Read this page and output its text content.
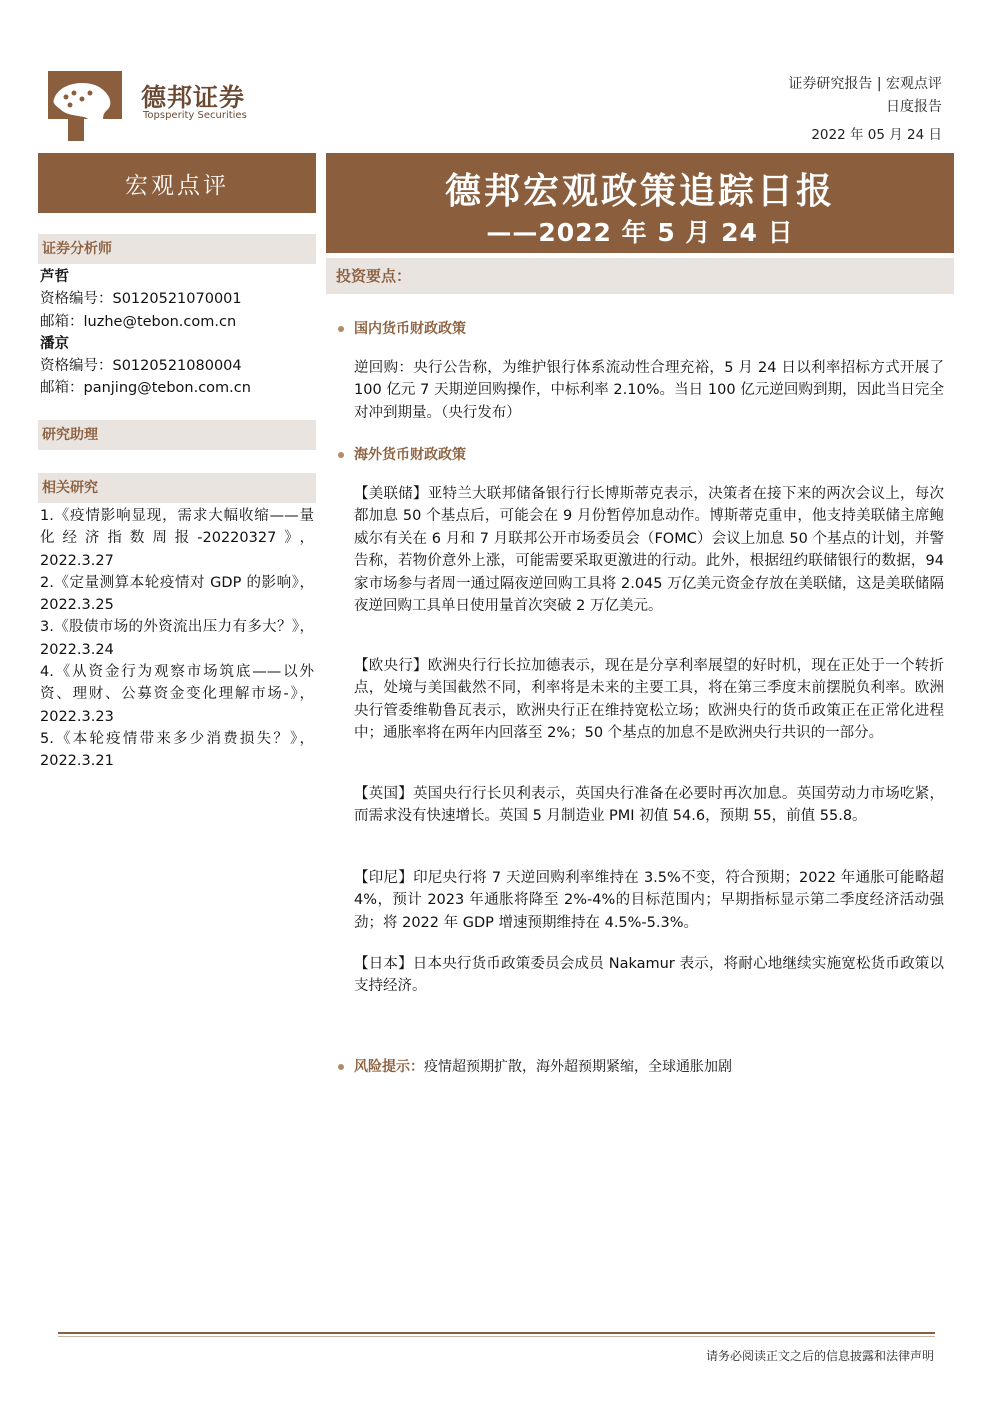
德邦证券
Topsperity Securities
证券研究报告 | 宏观点评
日度报告
2022 年 05 月 24 日
宏观点评
证券分析师
芦哲
资格编号：S0120521070001
邮箱：luzhe@tebon.com.cn
潘京
资格编号：S0120521080004
邮箱：panjing@tebon.com.cn
研究助理
相关研究
1.《疫情影响显现，需求大幅收缩——量化经济指数周报-20220327》，2022.3.27
2.《定量测算本轮疫情对 GDP 的影响》，2022.3.25
3.《股债市场的外资流出压力有多大？》，2022.3.24
4.《从资金行为观察市场筑底——以外资、理财、公募资金变化理解市场-》，2022.3.23
5.《本轮疫情带来多少消费损失？》，2022.3.21
德邦宏观政策追踪日报
——2022 年 5 月 24 日
投资要点：
国内货币财政政策
逆回购：央行公告称，为维护银行体系流动性合理充裕，5 月 24 日以利率招标方式开展了 100 亿元 7 天期逆回购操作，中标利率 2.10%。当日 100 亿元逆回购到期，因此当日完全对冲到期量。（央行发布）
海外货币财政政策
【美联储】亚特兰大联邦储备银行行长博斯蒂克表示，决策者在接下来的两次会议上，每次都加息 50 个基点后，可能会在 9 月份暂停加息动作。博斯蒂克重申，他支持美联储主席鲍威尔有关在 6 月和 7 月联邦公开市场委员会（FOMC）会议上加息 50 个基点的计划，并警告称，若物价意外上涨，可能需要采取更激进的行动。此外，根据纽约联储银行的数据，94 家市场参与者周一通过隔夜逆回购工具将 2.045 万亿美元资金存放在美联储，这是美联储隔夜逆回购工具单日使用量首次突破 2 万亿美元。
【欧央行】欧洲央行行长拉加德表示，现在是分享利率展望的好时机，现在正处于一个转折点，处境与美国截然不同，利率将是未来的主要工具，将在第三季度末前摆脱负利率。欧洲央行管委维勒鲁瓦表示，欧洲央行正在维持宽松立场；欧洲央行的货币政策正在正常化进程中；通胀率将在两年内回落至 2%；50 个基点的加息不是欧洲央行共识的一部分。
【英国】英国央行行长贝利表示，英国央行准备在必要时再次加息。英国劳动力市场吃紧，而需求没有快速增长。英国 5 月制造业 PMI 初值 54.6，预期 55，前值 55.8。
【印尼】印尼央行将 7 天逆回购利率维持在 3.5%不变，符合预期；2022 年通胀可能略超 4%，预计 2023 年通胀将降至 2%-4%的目标范围内；早期指标显示第二季度经济活动强劲；将 2022 年 GDP 增速预期维持在 4.5%-5.3%。
【日本】日本央行货币政策委员会成员 Nakamur 表示，将耐心地继续实施宽松货币政策以支持经济。
风险提示：疫情超预期扩散，海外超预期紧缩，全球通胀加剧
请务必阅读正文之后的信息披露和法律声明
